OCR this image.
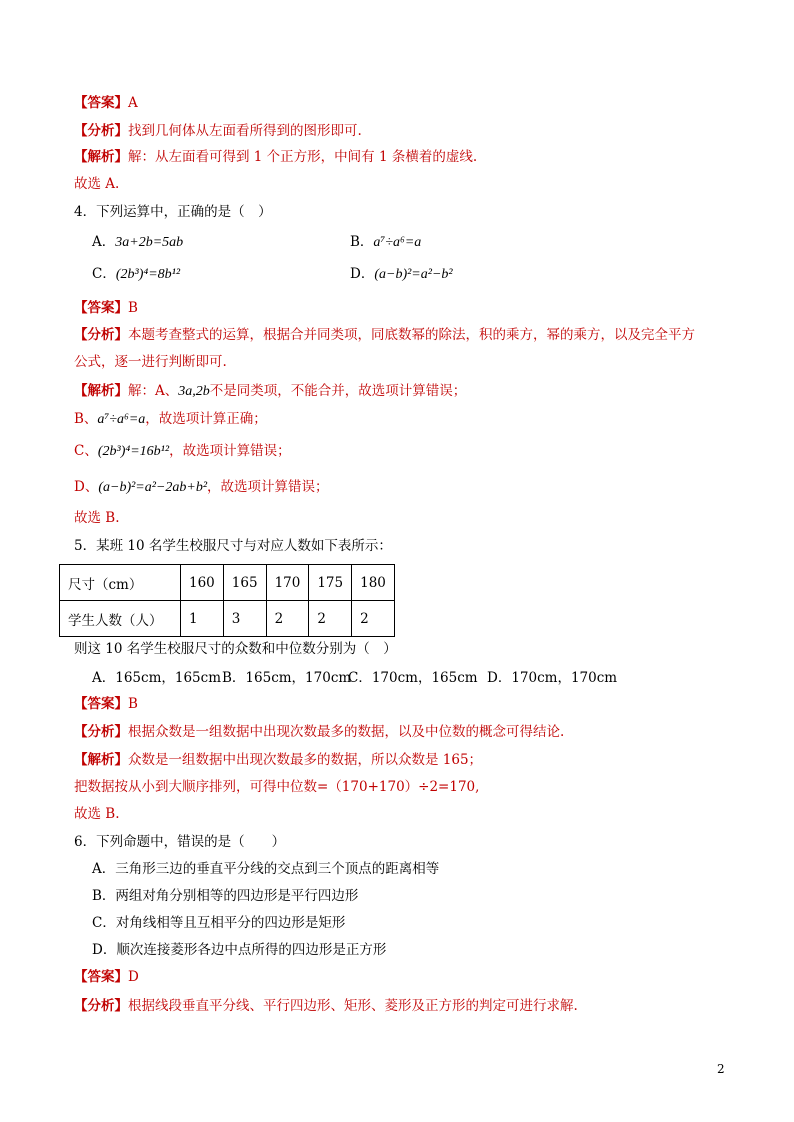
【答案】A
【分析】找到几何体从左面看所得到的图形即可.
【解析】解：从左面看可得到 1 个正方形，中间有 1 条横着的虚线.
故选 A.
4．下列运算中，正确的是（　）
A．3a+2b=5ab	B．a⁷÷a⁶=a
C．(2b³)⁴=8b¹²	D．(a−b)²=a²−b²
【答案】B
【分析】本题考查整式的运算，根据合并同类项，同底数幂的除法，积的乘方，幂的乘方，以及完全平方
公式，逐一进行判断即可.
【解析】解：A、3a,2b不是同类项，不能合并，故选项计算错误；
B、a⁷÷a⁶=a，故选项计算正确；
C、(2b³)⁴=16b¹²，故选项计算错误；
D、(a−b)²=a²−2ab+b²，故选项计算错误；
故选 B.
5．某班 10 名学生校服尺寸与对应人数如下表所示：
尺寸（cm）	160	165	170	175	180
学生人数（人）	1	3	2	2	2
则这 10 名学生校服尺寸的众数和中位数分别为（　）
A．165cm，165cm B．165cm，170cm
C．170cm，165cm D．170cm，170cm
【答案】B
【分析】根据众数是一组数据中出现次数最多的数据，以及中位数的概念可得结论.
【解析】众数是一组数据中出现次数最多的数据，所以众数是 165；
把数据按从小到大顺序排列，可得中位数=（170+170）÷2=170,
故选 B.
6．下列命题中，错误的是（　　）
A．三角形三边的垂直平分线的交点到三个顶点的距离相等
B．两组对角分别相等的四边形是平行四边形
C．对角线相等且互相平分的四边形是矩形
D．顺次连接菱形各边中点所得的四边形是正方形
【答案】D
【分析】根据线段垂直平分线、平行四边形、矩形、菱形及正方形的判定可进行求解.
2
